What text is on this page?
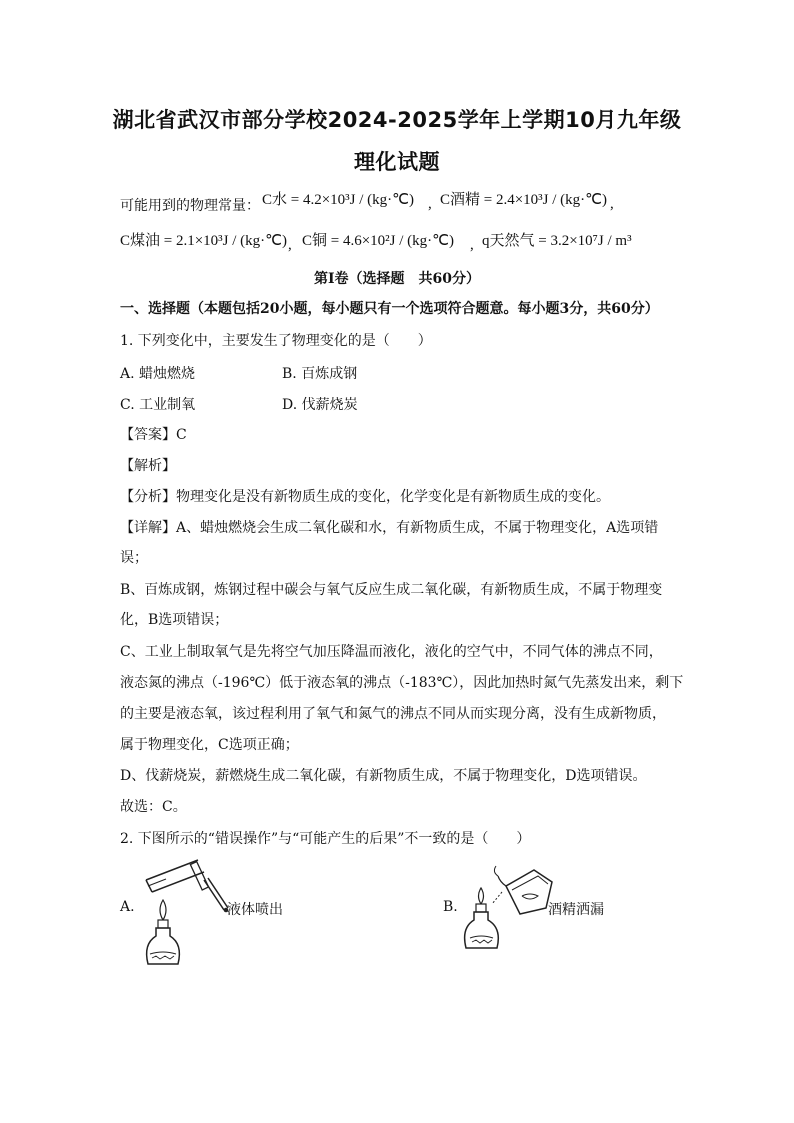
湖北省武汉市部分学校2024-2025学年上学期10月九年级
理化试题
可能用到的物理常量： C水 = 4.2×10³J / (kg·℃) , C酒精 = 2.4×10³J / (kg·℃) ,
C煤油 = 2.1×10³J / (kg·℃) , C铜 = 4.6×10²J / (kg·℃) , q天然气 = 3.2×10⁷J / m³
第Ⅰ卷（选择题　共60分）
一、选择题（本题包括20小题，每小题只有一个选项符合题意。每小题3分，共60分）
1. 下列变化中，主要发生了物理变化的是（　　）
A. 蜡烛燃烧	B. 百炼成钢
C. 工业制氧	D. 伐薪烧炭
【答案】C
【解析】
【分析】物理变化是没有新物质生成的变化，化学变化是有新物质生成的变化。
【详解】A、蜡烛燃烧会生成二氧化碳和水，有新物质生成，不属于物理变化，A选项错
误；
B、百炼成钢，炼钢过程中碳会与氧气反应生成二氧化碳，有新物质生成，不属于物理变
化，B选项错误；
C、工业上制取氧气是先将空气加压降温而液化，液化的空气中，不同气体的沸点不同，
液态氮的沸点（-196℃）低于液态氧的沸点（-183℃），因此加热时氮气先蒸发出来，剩下
的主要是液态氧，该过程利用了氧气和氮气的沸点不同从而实现分离，没有生成新物质，
属于物理变化，C选项正确；
D、伐薪烧炭，薪燃烧生成二氧化碳，有新物质生成，不属于物理变化，D选项错误。
故选：C。
2. 下图所示的“错误操作”与“可能产生的后果”不一致的是（　　）
A.	液体喷出	B.	酒精洒漏
